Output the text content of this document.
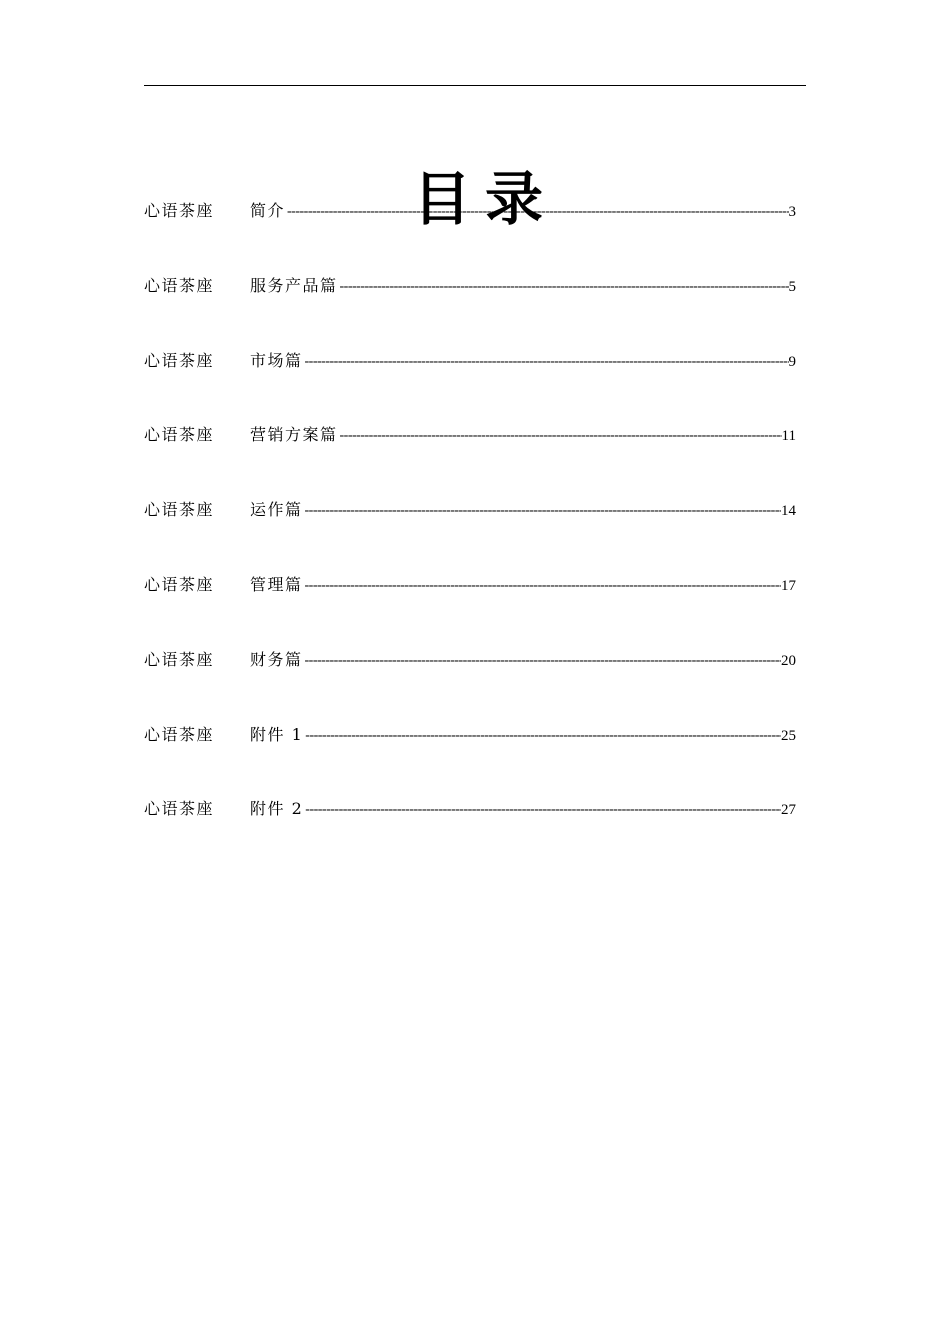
目录
心语茶座	简介 -----	3
心语茶座	服务产品篇 -----	5
心语茶座	市场篇 -----	9
心语茶座	营销方案篇 -----	11
心语茶座	运作篇 -----	14
心语茶座	管理篇 -----	17
心语茶座	财务篇 -----	20
心语茶座	附件 1 -----	25
心语茶座	附件 2 -----	27
